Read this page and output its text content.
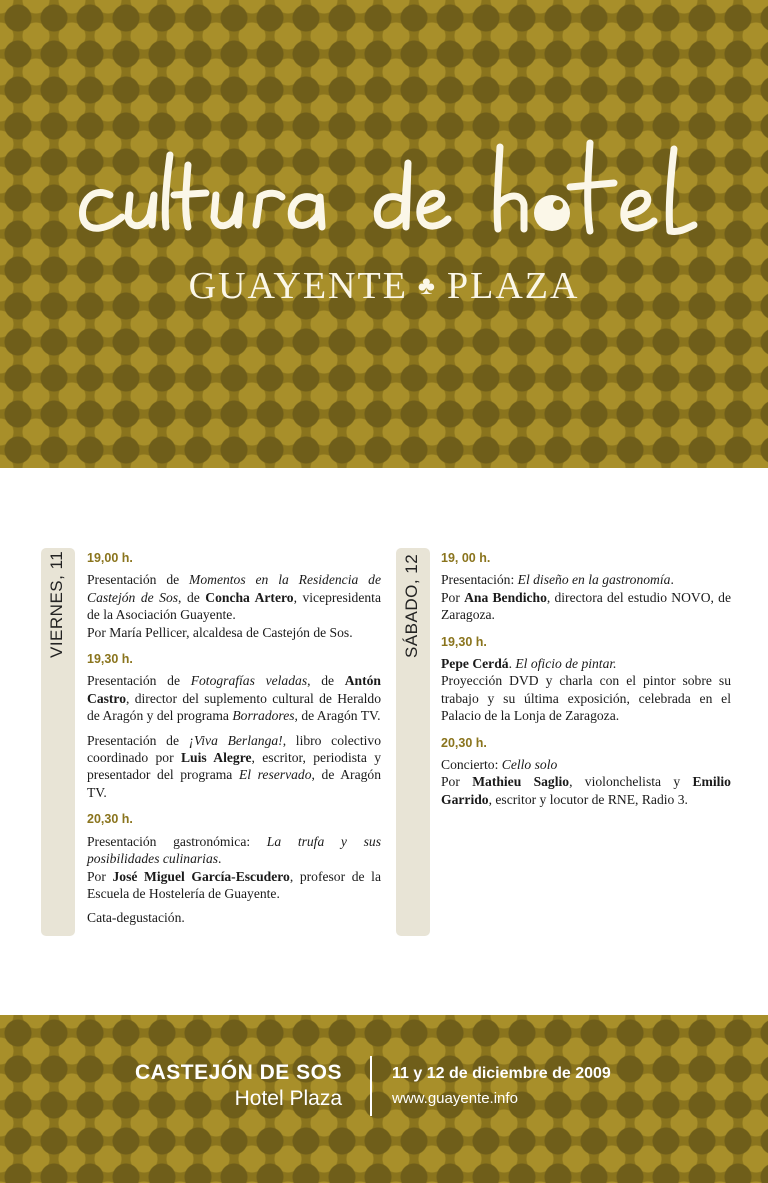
GUAYENTE ♣ PLAZA
VIERNES, 11	SÁBADO, 12
19,00 h.

Presentación de Momentos en la Residencia de Castejón de Sos, de Concha Artero, vicepresidenta de la Asociación Guayente.

Por María Pellicer, alcaldesa de Castejón de Sos.

19,30 h.

Presentación de Fotografías veladas, de Antón Castro, director del suplemento cultural de Heraldo de Aragón y del programa Borradores, de Aragón TV.

Presentación de ¡Viva Berlanga!, libro colectivo coordinado por Luis Alegre, escritor, periodista y presentador del programa El reservado, de Aragón TV.

20,30 h.

Presentación gastronómica: La trufa y sus posibilidades culinarias.

Por José Miguel García-Escudero, profesor de la Escuela de Hostelería de Guayente.

Cata-degustación.

19, 00 h.

Presentación: El diseño en la gastronomía.

Por Ana Bendicho, directora del estudio NOVO, de Zaragoza.

19,30 h.

Pepe Cerdá. El oficio de pintar.

Proyección DVD y charla con el pintor sobre su trabajo y su última exposición, celebrada en el Palacio de la Lonja de Zaragoza.

20,30 h.

Concierto: Cello solo

Por Mathieu Saglio, violonchelista y Emilio Garrido, escritor y locutor de RNE, Radio 3.

CASTEJÓN DE SOS
Hotel Plaza
11 y 12 de diciembre de 2009
www.guayente.info
